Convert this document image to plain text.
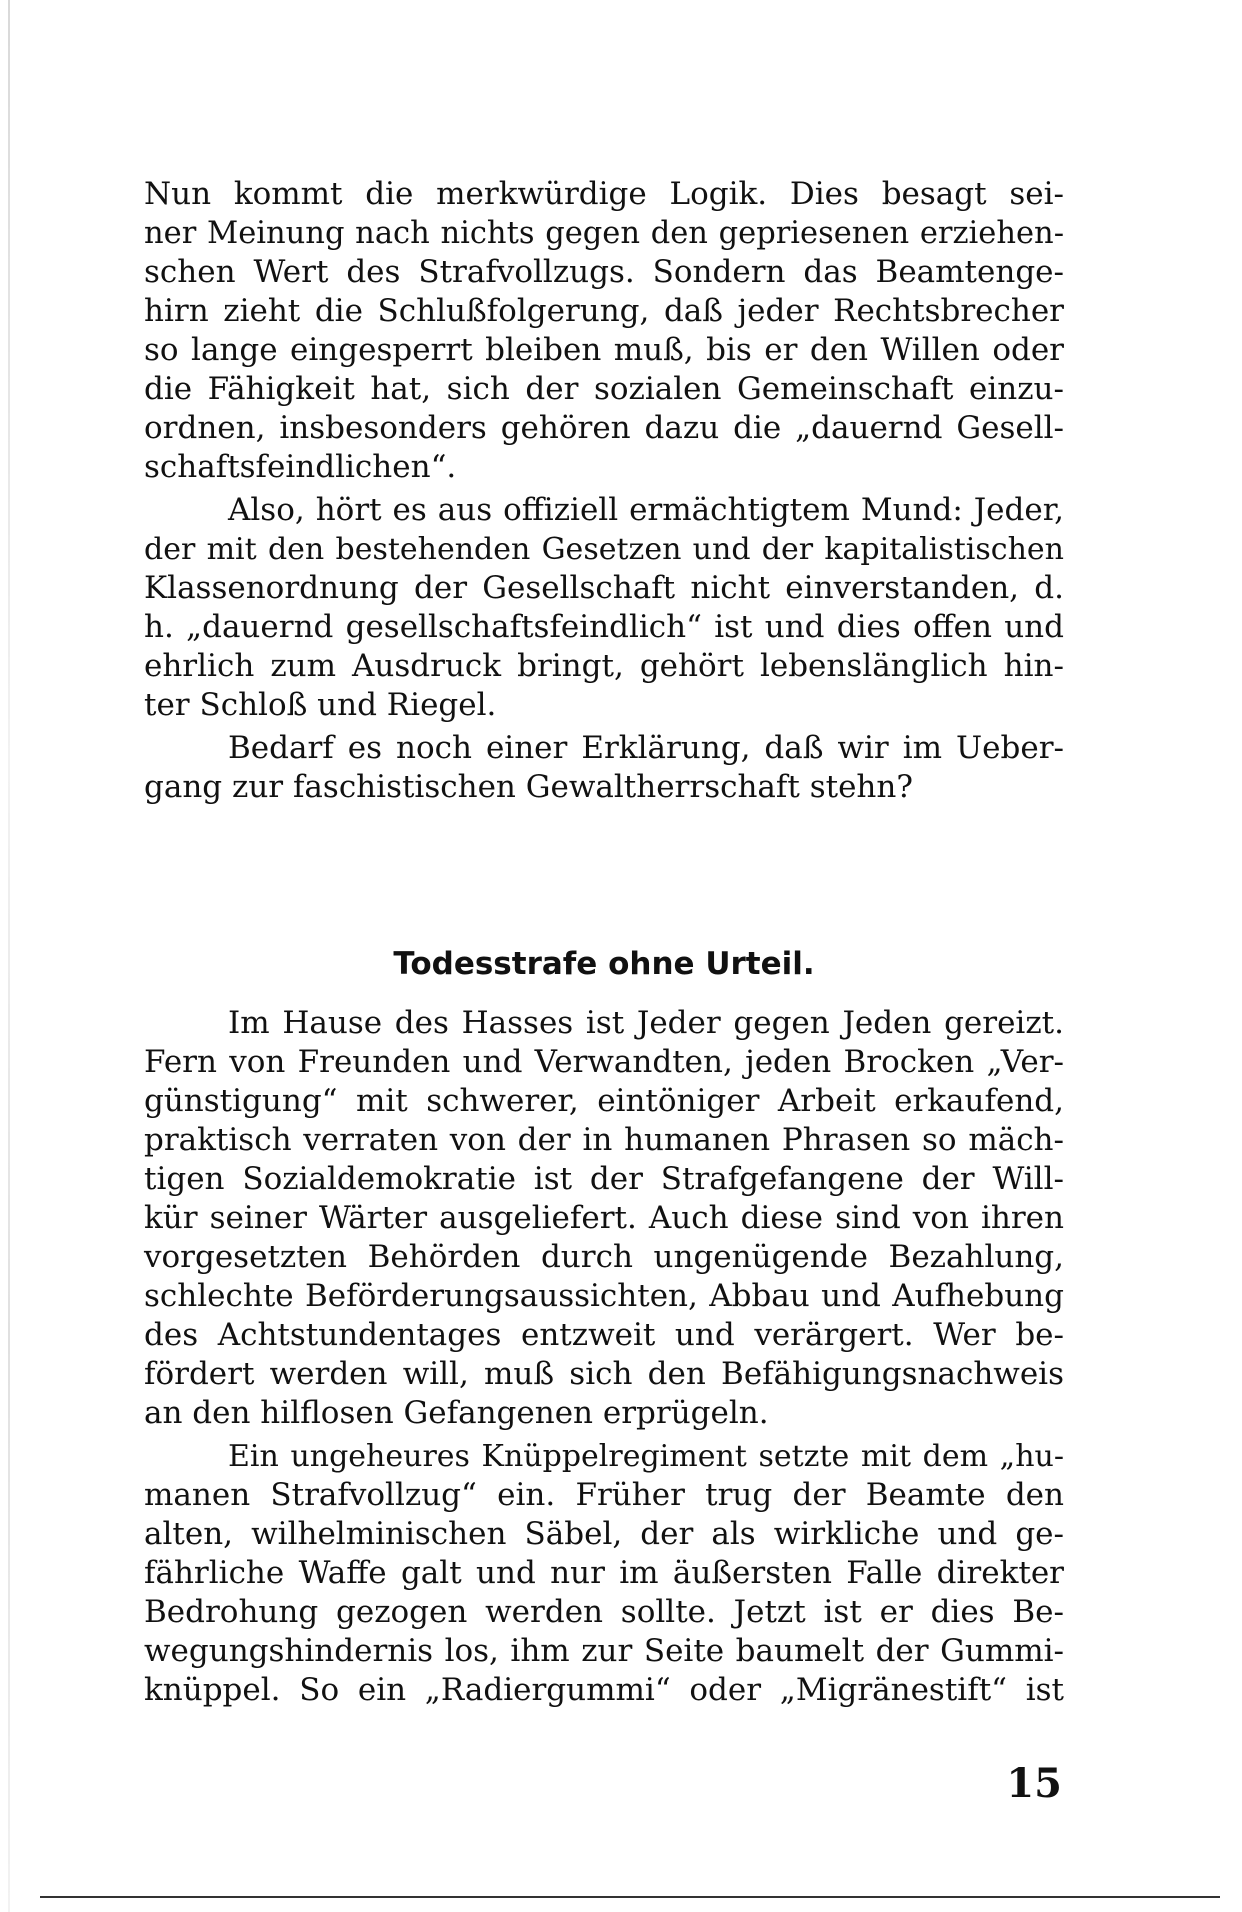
Nun kommt die merkwürdige Logik. Dies besagt sei-
ner Meinung nach nichts gegen den gepriesenen erziehen-
schen Wert des Strafvollzugs. Sondern das Beamtenge-
hirn zieht die Schlußfolgerung, daß jeder Rechtsbrecher
so lange eingesperrt bleiben muß, bis er den Willen oder
die Fähigkeit hat, sich der sozialen Gemeinschaft einzu-
ordnen, insbesonders gehören dazu die „dauernd Gesell-
schaftsfeindlichen“.
Also, hört es aus offiziell ermächtigtem Mund: Jeder,
der mit den bestehenden Gesetzen und der kapitalistischen
Klassenordnung der Gesellschaft nicht einverstanden, d.
h. „dauernd gesellschaftsfeindlich“ ist und dies offen und
ehrlich zum Ausdruck bringt, gehört lebenslänglich hin-
ter Schloß und Riegel.
Bedarf es noch einer Erklärung, daß wir im Ueber-
gang zur faschistischen Gewaltherrschaft stehn?
Todesstrafe ohne Urteil.
Im Hause des Hasses ist Jeder gegen Jeden gereizt.
Fern von Freunden und Verwandten, jeden Brocken „Ver-
günstigung“ mit schwerer, eintöniger Arbeit erkaufend,
praktisch verraten von der in humanen Phrasen so mäch-
tigen Sozialdemokratie ist der Strafgefangene der Will-
kür seiner Wärter ausgeliefert. Auch diese sind von ihren
vorgesetzten Behörden durch ungenügende Bezahlung,
schlechte Beförderungsaussichten, Abbau und Aufhebung
des Achtstundentages entzweit und verärgert. Wer be-
fördert werden will, muß sich den Befähigungsnachweis
an den hilflosen Gefangenen erprügeln.
Ein ungeheures Knüppelregiment setzte mit dem „hu-
manen Strafvollzug“ ein. Früher trug der Beamte den
alten, wilhelminischen Säbel, der als wirkliche und ge-
fährliche Waffe galt und nur im äußersten Falle direkter
Bedrohung gezogen werden sollte. Jetzt ist er dies Be-
wegungshindernis los, ihm zur Seite baumelt der Gummi-
knüppel. So ein „Radiergummi“ oder „Migränestift“ ist
15
